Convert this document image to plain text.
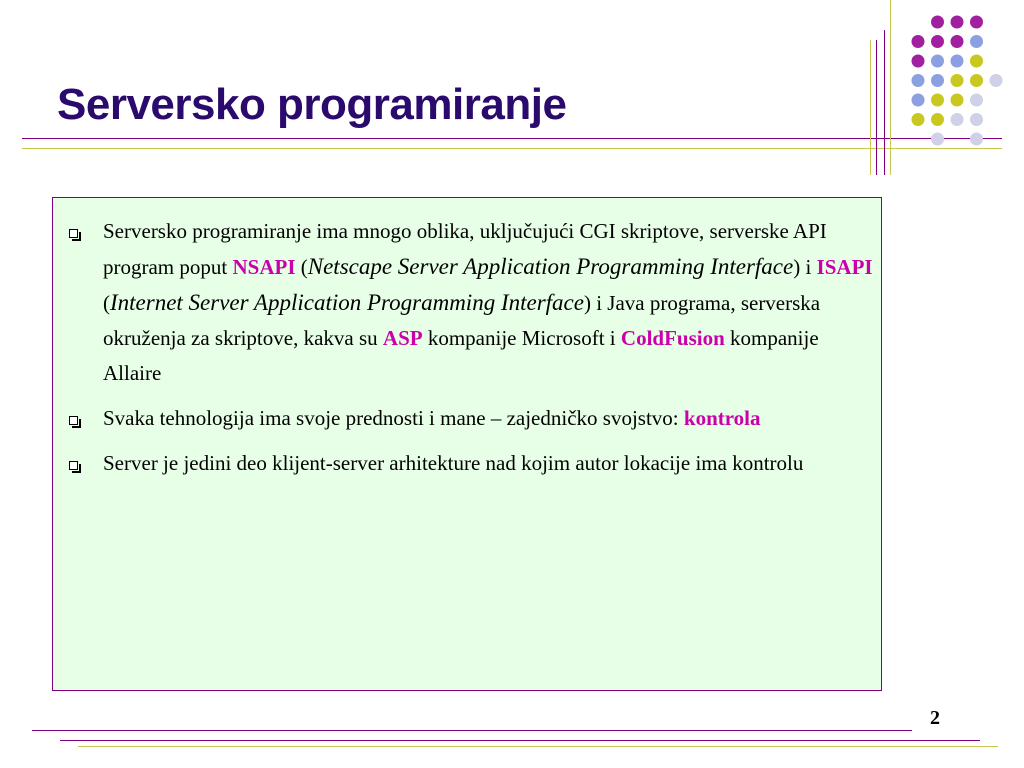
Serversko programiranje
Serversko programiranje ima mnogo oblika, uključujući CGI skriptove, serverske API program poput NSAPI (Netscape Server Application Programming Interface) i ISAPI (Internet Server Application Programming Interface) i Java programa, serverska okruženja za skriptove, kakva su ASP kompanije Microsoft i ColdFusion kompanije Allaire
Svaka tehnologija ima svoje prednosti i mane – zajedničko svojstvo: kontrola
Server je jedini deo klijent-server arhitekture nad kojim autor lokacije ima kontrolu
2
